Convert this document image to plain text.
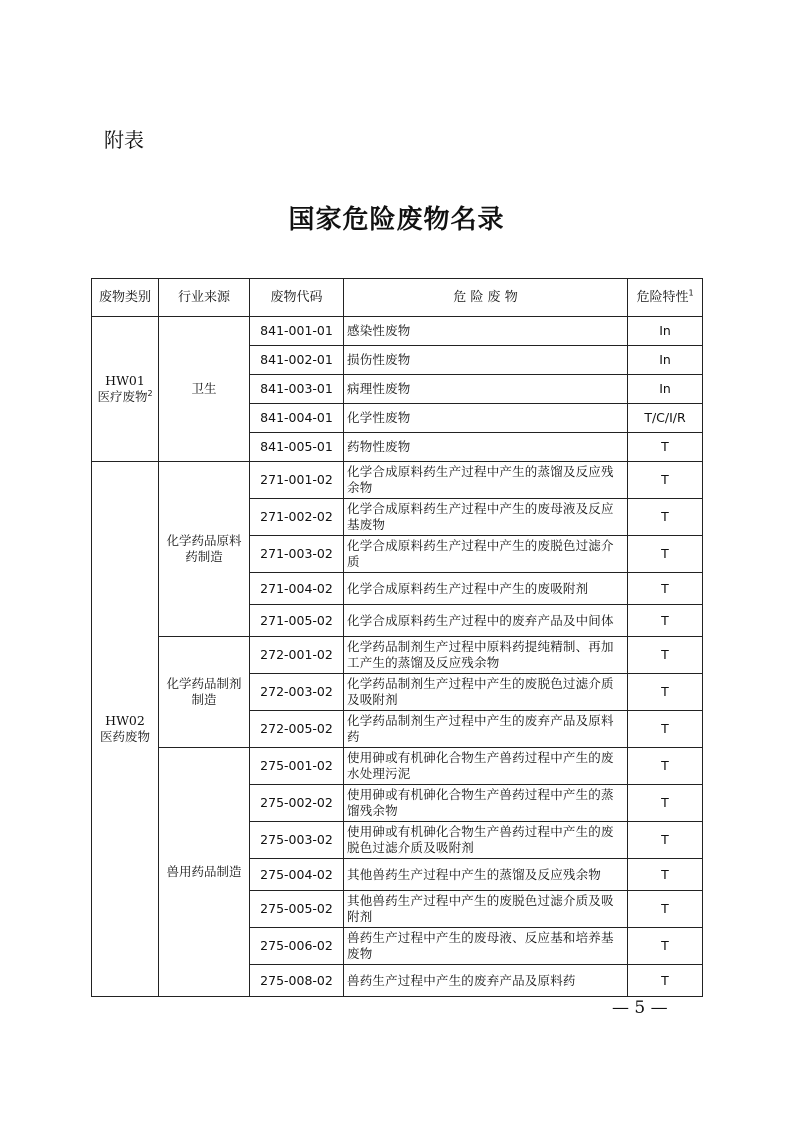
附表
国家危险废物名录
废物类别	行业来源	废物代码	危 险 废 物	危险特性$^1$
HW01
医疗废物$^2$	卫生	841-001-01	感染性废物	In
		841-002-01	损伤性废物	In
		841-003-01	病理性废物	In
		841-004-01	化学性废物	T/C/I/R
		841-005-01	药物性废物	T
HW02
医药废物	化学药品原料药制造	271-001-02	化学合成原料药生产过程中产生的蒸馏及反应残余物	T
		271-002-02	化学合成原料药生产过程中产生的废母液及反应基废物	T
		271-003-02	化学合成原料药生产过程中产生的废脱色过滤介质	T
		271-004-02	化学合成原料药生产过程中产生的废吸附剂	T
		271-005-02	化学合成原料药生产过程中的废弃产品及中间体	T
	化学药品制剂制造	272-001-02	化学药品制剂生产过程中原料药提纯精制、再加工产生的蒸馏及反应残余物	T
		272-003-02	化学药品制剂生产过程中产生的废脱色过滤介质及吸附剂	T
		272-005-02	化学药品制剂生产过程中产生的废弃产品及原料药	T
	兽用药品制造	275-001-02	使用砷或有机砷化合物生产兽药过程中产生的废水处理污泥	T
		275-002-02	使用砷或有机砷化合物生产兽药过程中产生的蒸馏残余物	T
		275-003-02	使用砷或有机砷化合物生产兽药过程中产生的废脱色过滤介质及吸附剂	T
		275-004-02	其他兽药生产过程中产生的蒸馏及反应残余物	T
		275-005-02	其他兽药生产过程中产生的废脱色过滤介质及吸附剂	T
		275-006-02	兽药生产过程中产生的废母液、反应基和培养基废物	T
		275-008-02	兽药生产过程中产生的废弃产品及原料药	T
— 5 —
